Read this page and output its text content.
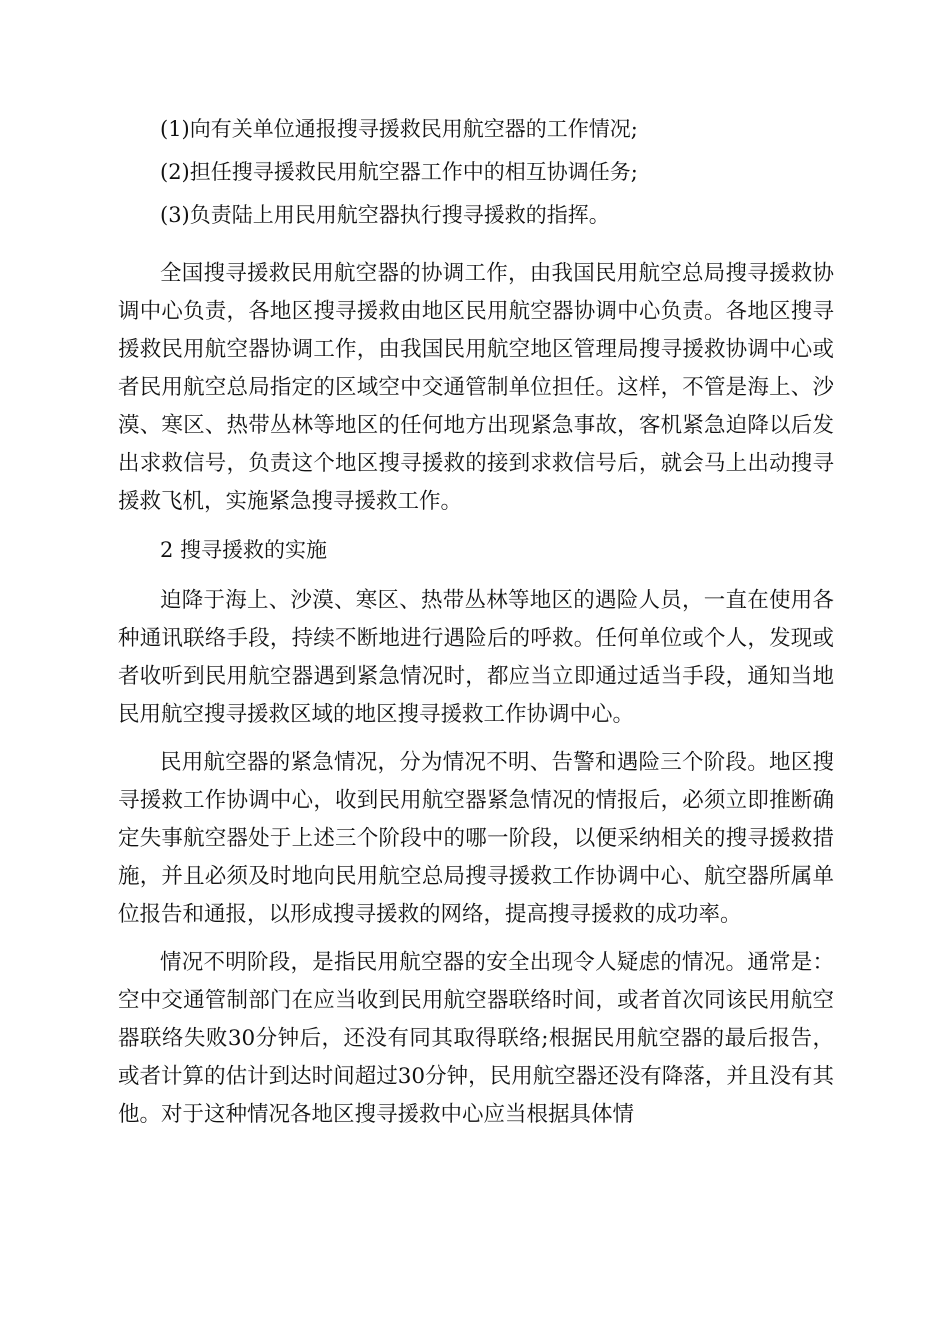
(1)向有关单位通报搜寻援救民用航空器的工作情况;
(2)担任搜寻援救民用航空器工作中的相互协调任务;
(3)负责陆上用民用航空器执行搜寻援救的指挥。

全国搜寻援救民用航空器的协调工作，由我国民用航空总局搜寻援救协调中心负责，各地区搜寻援救由地区民用航空器协调中心负责。各地区搜寻援救民用航空器协调工作，由我国民用航空地区管理局搜寻援救协调中心或者民用航空总局指定的区域空中交通管制单位担任。这样，不管是海上、沙漠、寒区、热带丛林等地区的任何地方出现紧急事故，客机紧急迫降以后发出求救信号，负责这个地区搜寻援救的接到求救信号后，就会马上出动搜寻援救飞机，实施紧急搜寻援救工作。

2 搜寻援救的实施

迫降于海上、沙漠、寒区、热带丛林等地区的遇险人员，一直在使用各种通讯联络手段，持续不断地进行遇险后的呼救。任何单位或个人，发现或者收听到民用航空器遇到紧急情况时，都应当立即通过适当手段，通知当地民用航空搜寻援救区域的地区搜寻援救工作协调中心。

民用航空器的紧急情况，分为情况不明、告警和遇险三个阶段。地区搜寻援救工作协调中心，收到民用航空器紧急情况的情报后，必须立即推断确定失事航空器处于上述三个阶段中的哪一阶段，以便采纳相关的搜寻援救措施，并且必须及时地向民用航空总局搜寻援救工作协调中心、航空器所属单位报告和通报，以形成搜寻援救的网络，提高搜寻援救的成功率。

情况不明阶段，是指民用航空器的安全出现令人疑虑的情况。通常是：空中交通管制部门在应当收到民用航空器联络时间，或者首次同该民用航空器联络失败30分钟后，还没有同其取得联络;根据民用航空器的最后报告，或者计算的估计到达时间超过30分钟，民用航空器还没有降落，并且没有其他。对于这种情况各地区搜寻援救中心应当根据具体情
